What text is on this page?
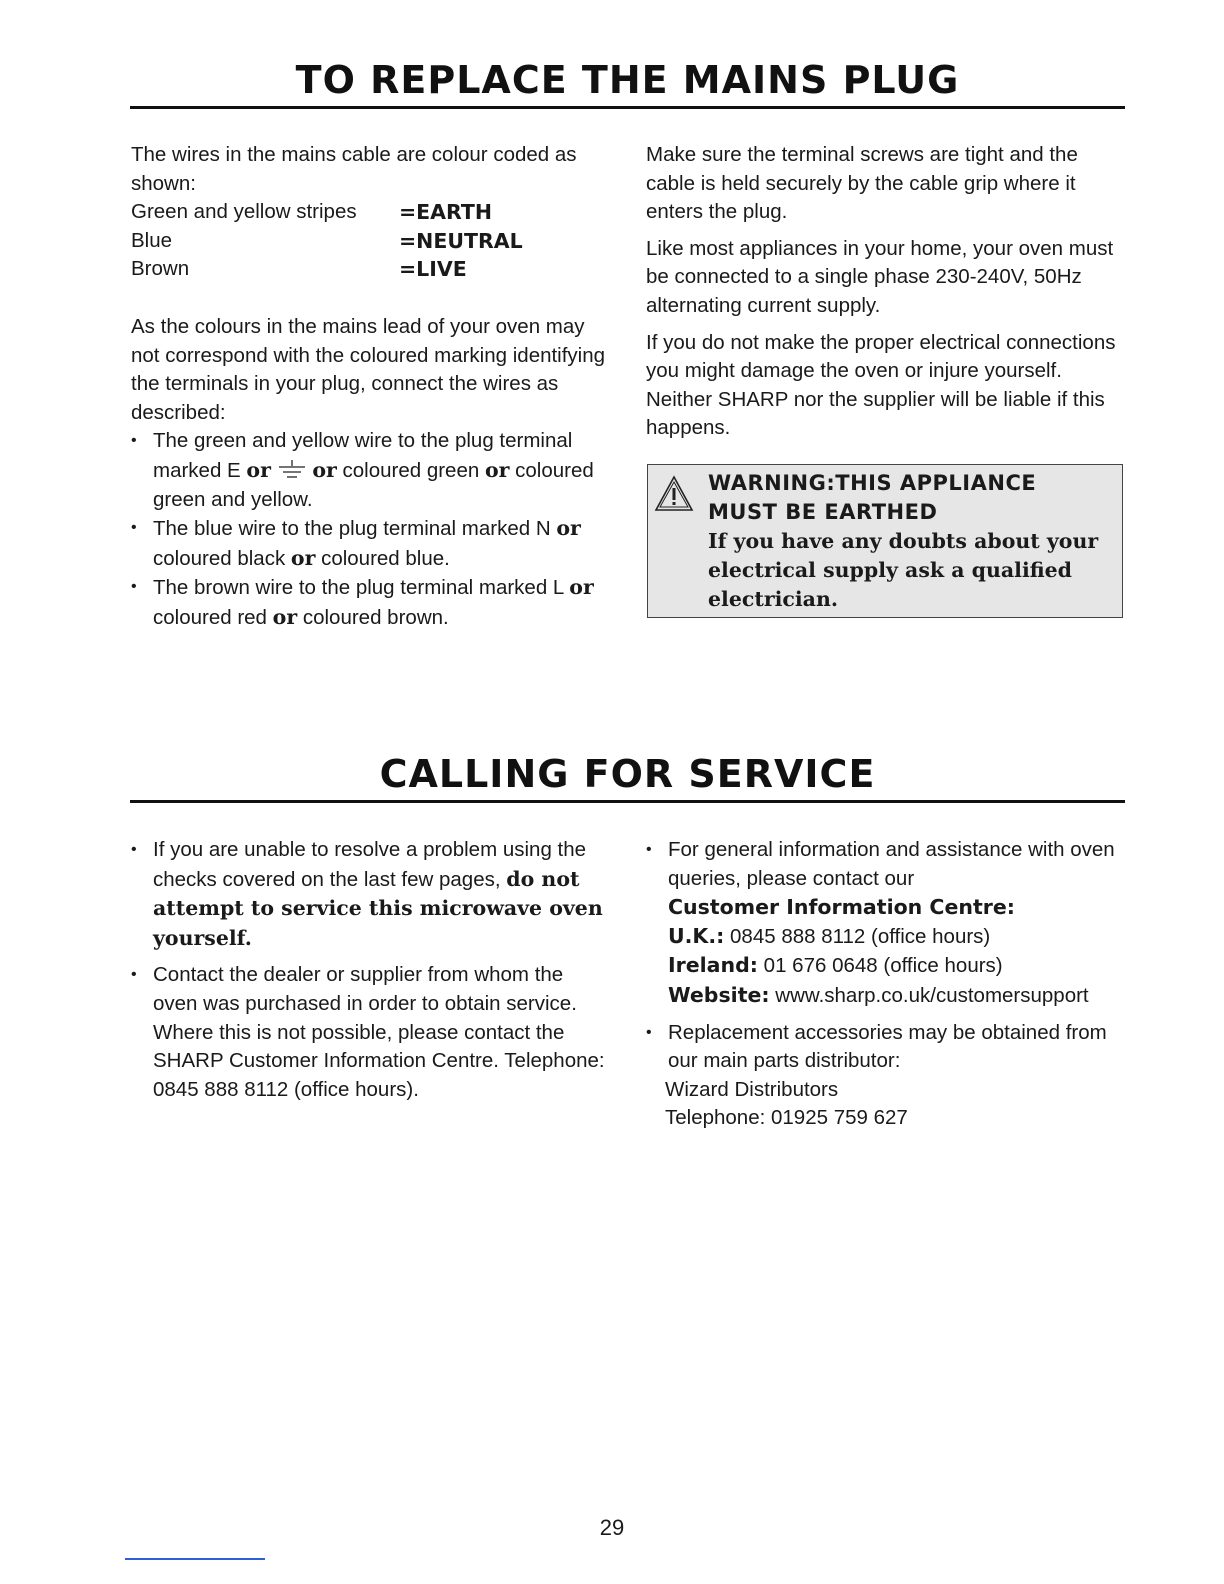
TO REPLACE THE MAINS PLUG

The wires in the mains cable are colour coded as shown:

Green and yellow stripes	=EARTH
Blue	=NEUTRAL
Brown	=LIVE

As the colours in the mains lead of your oven may not correspond with the coloured marking identifying the terminals in your plug, connect the wires as described:

• The green and yellow wire to the plug terminal marked E or or coloured green or coloured green and yellow.
• The blue wire to the plug terminal marked N or coloured black or coloured blue.
• The brown wire to the plug terminal marked L or coloured red or coloured brown.

Make sure the terminal screws are tight and the cable is held securely by the cable grip where it enters the plug.

Like most appliances in your home, your oven must be connected to a single phase 230-240V, 50Hz alternating current supply.

If you do not make the proper electrical connections you might damage the oven or injure yourself. Neither SHARP nor the supplier will be liable if this happens.

WARNING:THIS APPLIANCE
MUST BE EARTHED
If you have any doubts about your electrical supply ask a qualified electrician.
CALLING FOR SERVICE
• If you are unable to resolve a problem using the checks covered on the last few pages, do not attempt to service this microwave oven yourself.
• Contact the dealer or supplier from whom the oven was purchased in order to obtain service. Where this is not possible, please contact the SHARP Customer Information Centre. Telephone: 0845 888 8112 (office hours).
• For general information and assistance with oven queries, please contact our
Customer Information Centre:
U.K.: 0845 888 8112 (office hours)
Ireland: 01 676 0648 (office hours)
Website: www.sharp.co.uk/customersupport
• Replacement accessories may be obtained from our main parts distributor:
Wizard Distributors
Telephone: 01925 759 627
29
